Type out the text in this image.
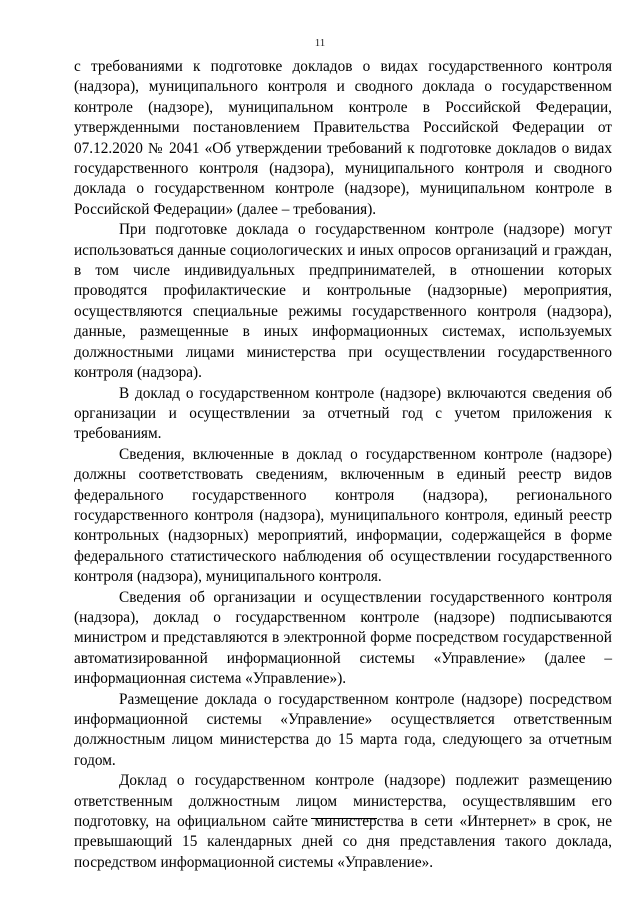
11

с требованиями к подготовке докладов о видах государственного контроля (надзора), муниципального контроля и сводного доклада о государственном контроле (надзоре), муниципальном контроле в Российской Федерации, утвержденными постановлением Правительства Российской Федерации от 07.12.2020 № 2041 «Об утверждении требований к подготовке докладов о видах государственного контроля (надзора), муниципального контроля и сводного доклада о государственном контроле (надзоре), муниципальном контроле в Российской Федерации» (далее – требования).

При подготовке доклада о государственном контроле (надзоре) могут использоваться данные социологических и иных опросов организаций и граждан, в том числе индивидуальных предпринимателей, в отношении которых проводятся профилактические и контрольные (надзорные) мероприятия, осуществляются специальные режимы государственного контроля (надзора), данные, размещенные в иных информационных системах, используемых должностными лицами министерства при осуществлении государственного контроля (надзора).

В доклад о государственном контроле (надзоре) включаются сведения об организации и осуществлении за отчетный год с учетом приложения к требованиям.

Сведения, включенные в доклад о государственном контроле (надзоре) должны соответствовать сведениям, включенным в единый реестр видов федерального государственного контроля (надзора), регионального государственного контроля (надзора), муниципального контроля, единый реестр контрольных (надзорных) мероприятий, информации, содержащейся в форме федерального статистического наблюдения об осуществлении государственного контроля (надзора), муниципального контроля.

Сведения об организации и осуществлении государственного контроля (надзора), доклад о государственном контроле (надзоре) подписываются министром и представляются в электронной форме посредством государственной автоматизированной информационной системы «Управление» (далее – информационная система «Управление»).

Размещение доклада о государственном контроле (надзоре) посредством информационной системы «Управление» осуществляется ответственным должностным лицом министерства до 15 марта года, следующего за отчетным годом.

Доклад о государственном контроле (надзоре) подлежит размещению ответственным должностным лицом министерства, осуществлявшим его подготовку, на официальном сайте министерства в сети «Интернет» в срок, не превышающий 15 календарных дней со дня представления такого доклада, посредством информационной системы «Управление».
